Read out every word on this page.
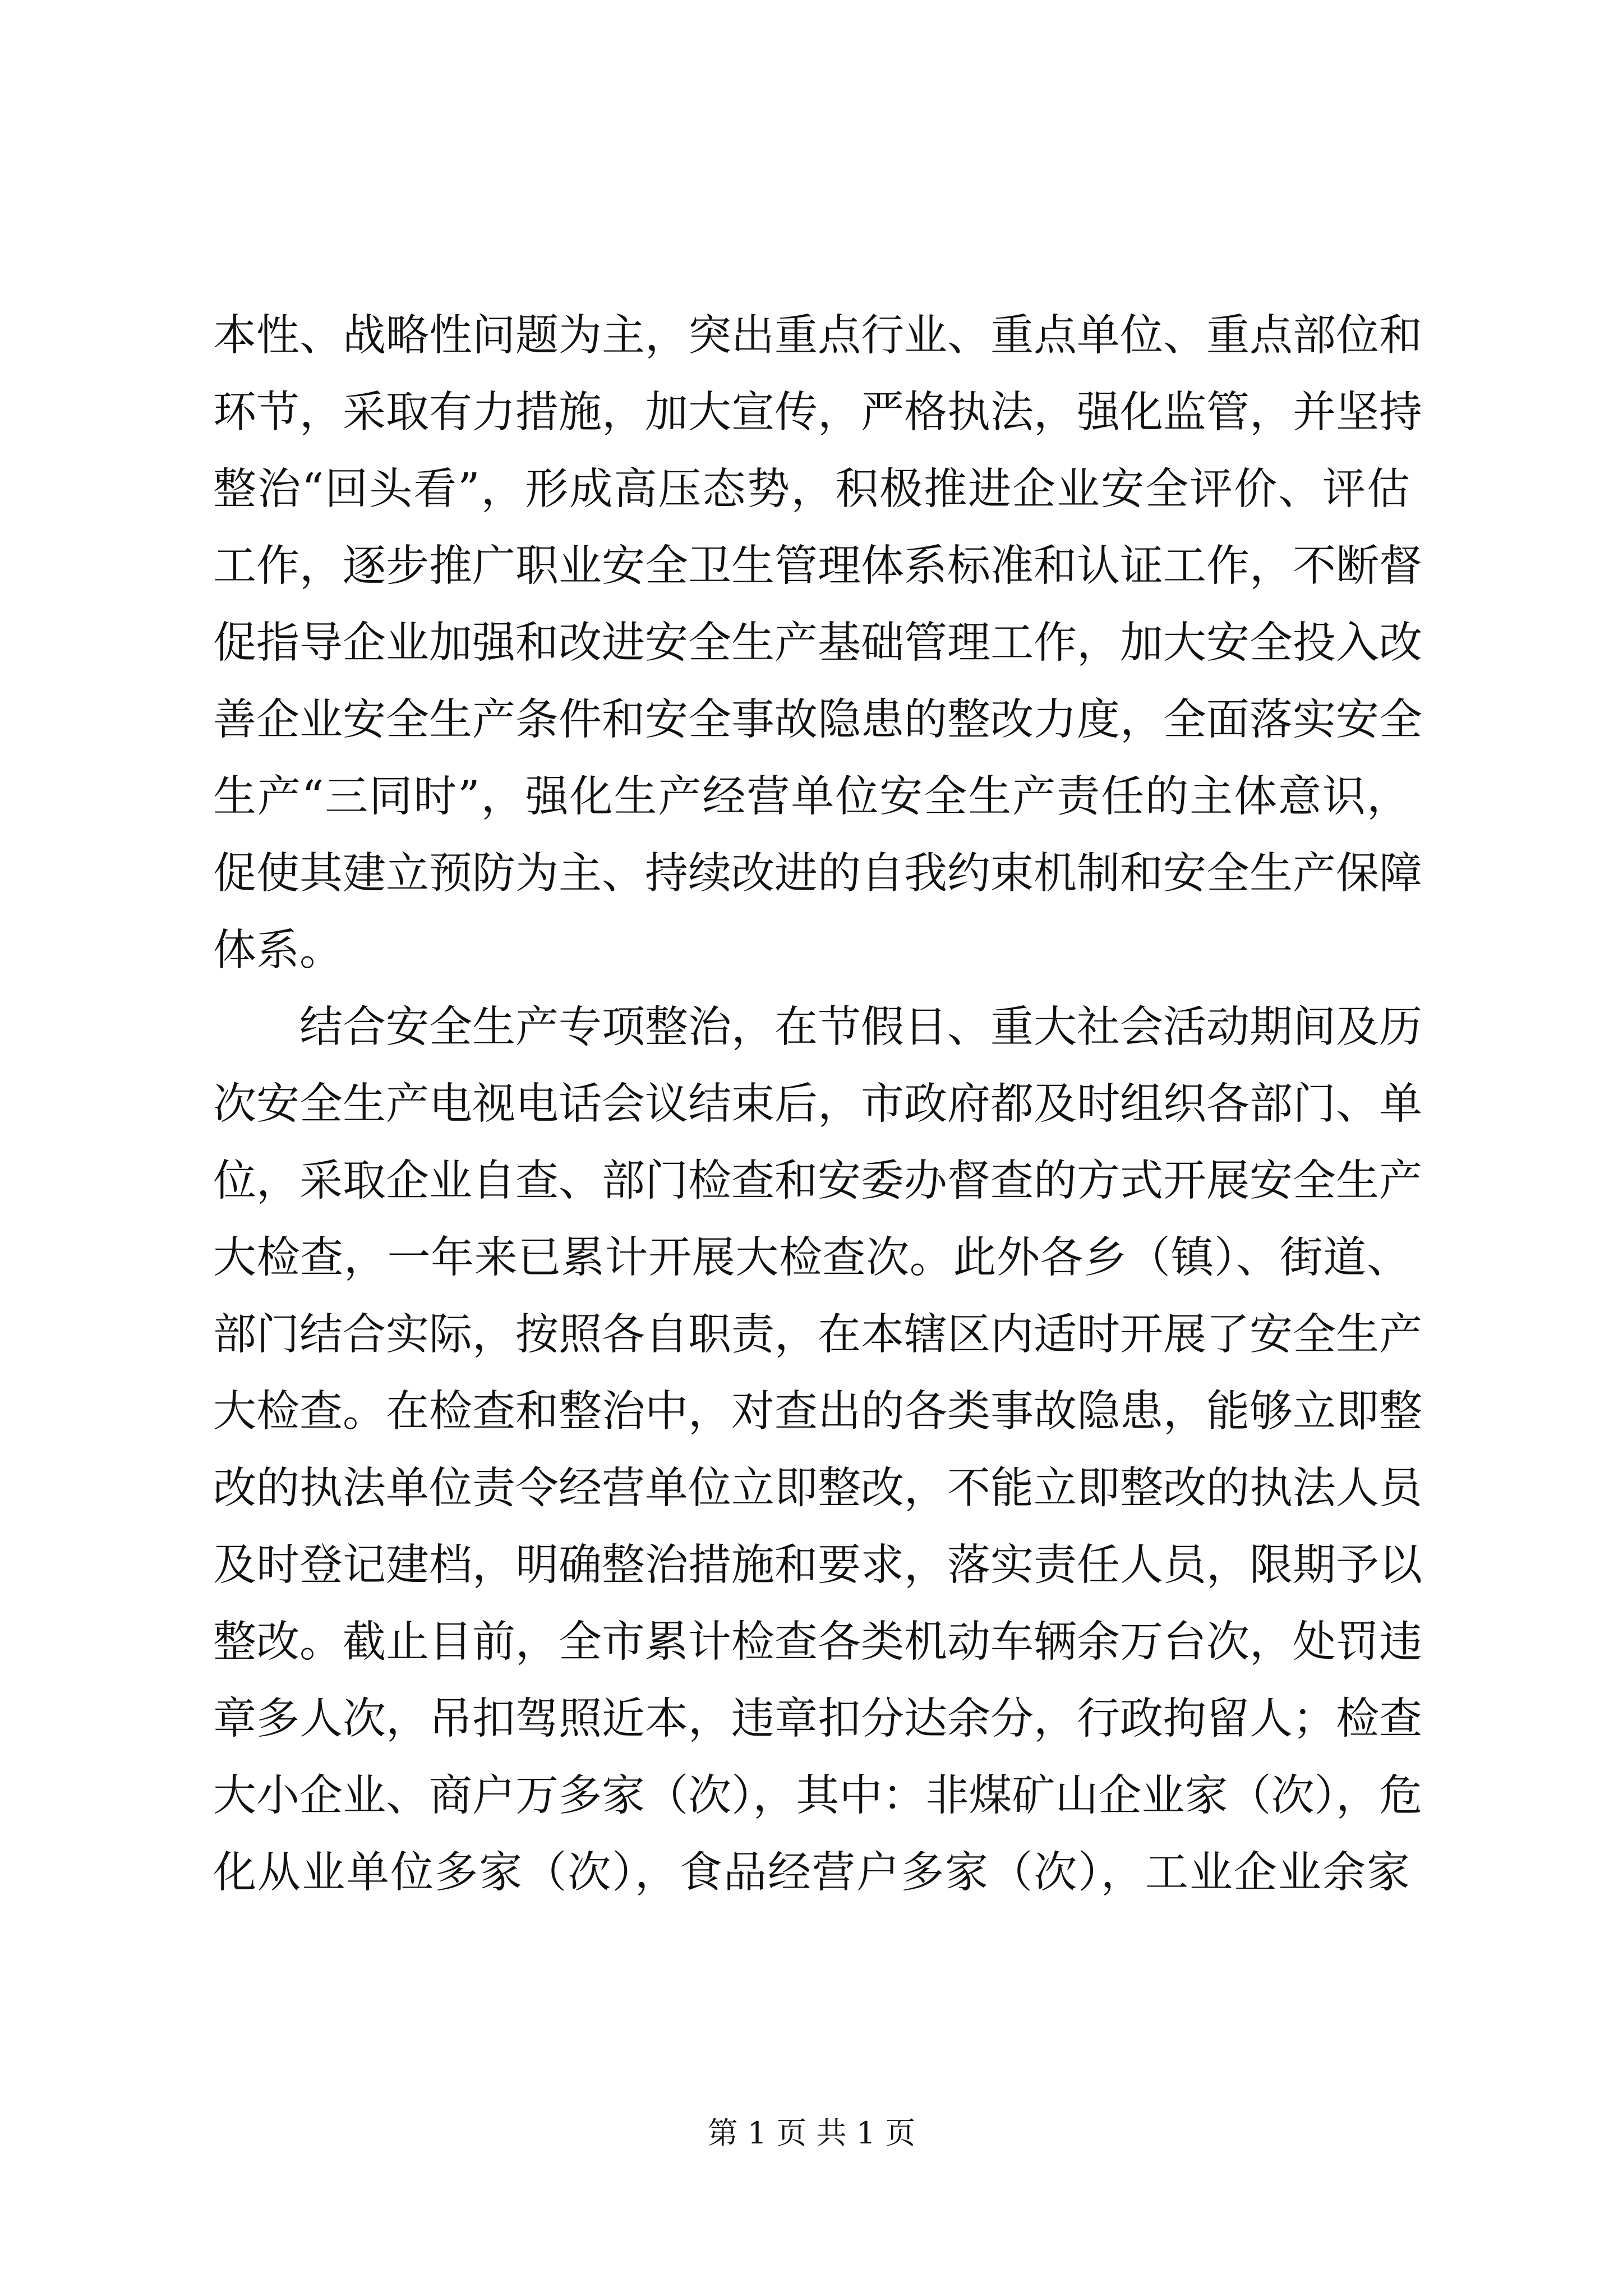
本性、战略性问题为主，突出重点行业、重点单位、重点部位和
环节，采取有力措施，加大宣传，严格执法，强化监管，并坚持
整治“回头看”，形成高压态势，积极推进企业安全评价、评估
工作，逐步推广职业安全卫生管理体系标准和认证工作，不断督
促指导企业加强和改进安全生产基础管理工作，加大安全投入改
善企业安全生产条件和安全事故隐患的整改力度，全面落实安全
生产“三同时”，强化生产经营单位安全生产责任的主体意识，
促使其建立预防为主、持续改进的自我约束机制和安全生产保障
体系。
结合安全生产专项整治，在节假日、重大社会活动期间及历
次安全生产电视电话会议结束后，市政府都及时组织各部门、单
位，采取企业自查、部门检查和安委办督查的方式开展安全生产
大检查，一年来已累计开展大检查次。此外各乡（镇）、街道、
部门结合实际，按照各自职责，在本辖区内适时开展了安全生产
大检查。在检查和整治中，对查出的各类事故隐患，能够立即整
改的执法单位责令经营单位立即整改，不能立即整改的执法人员
及时登记建档，明确整治措施和要求，落实责任人员，限期予以
整改。截止目前，全市累计检查各类机动车辆余万台次，处罚违
章多人次，吊扣驾照近本，违章扣分达余分，行政拘留人；检查
大小企业、商户万多家（次），其中：非煤矿山企业家（次），危
化从业单位多家（次），食品经营户多家（次），工业企业余家
第 1 页 共 1 页
